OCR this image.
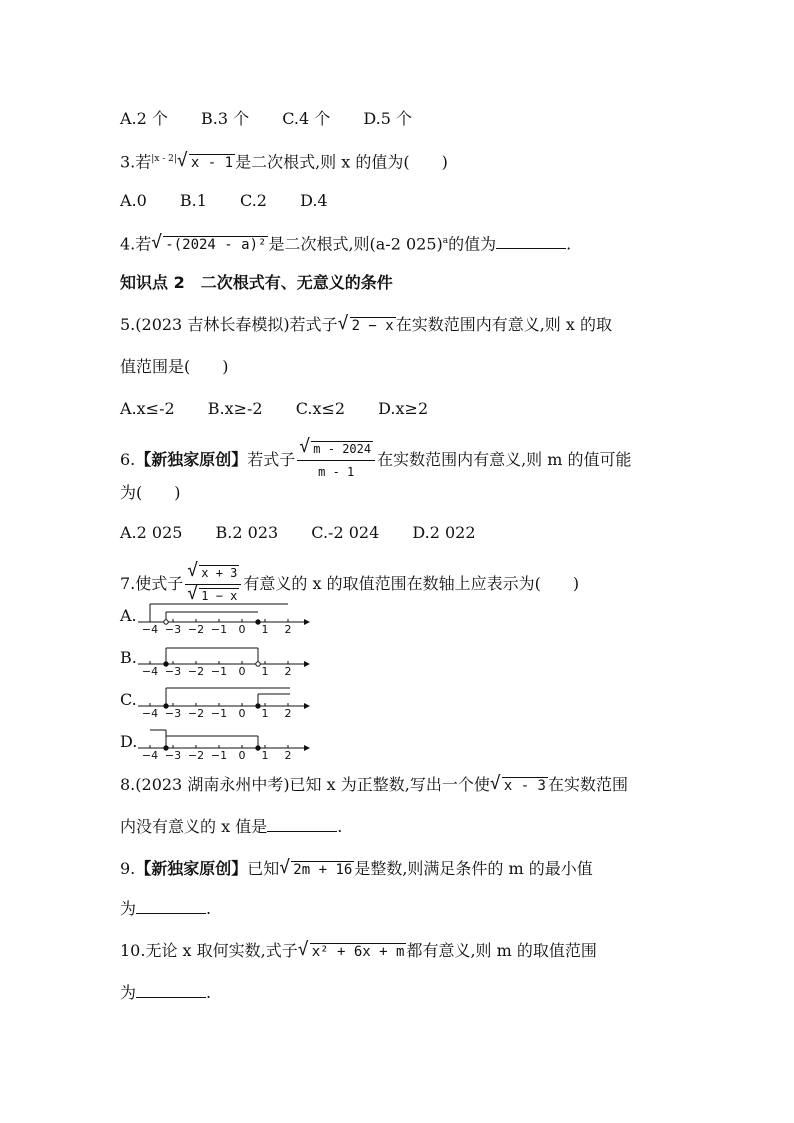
A.2 个 B.3 个 C.4 个 D.5 个
3.若$^{|x - 2|}$ √ x - 1 是二次根式,则 x 的值为(　　)
A.0 B.1 C.2 D.4
4.若 √ -(2024 - a)² 是二次根式,则(a-2 025)$^a$的值为	.
知识点 2　二次根式有、无意义的条件
5.(2023 吉林长春模拟)若式子 √ 2 − x 在实数范围内有意义,则 x 的取
值范围是(　　)
A.x≤-2 B.x≥-2 C.x≤2 D.x≥2
6.【新独家原创】若式子 √ $\frac{m - 2024}{m - 1}$ 在实数范围内有意义,则 m 的值可能
为(　　)
A.2 025 B.2 023 C.-2 024 D.2 022
7.使式子 √ x + 3
√ 1 − x 有意义的 x 的取值范围在数轴上应表示为(　　)
A.
−4 −3 −2 −1 0 1 2
B.
−4 −3 −2 −1 0 1 2
C.
−4 −3 −2 −1 0 1 2
D.
−4 −3 −2 −1 0 1 2
8.(2023 湖南永州中考)已知 x 为正整数,写出一个使 √ x - 3 在实数范围
内没有意义的 x 值是	.
9.【新独家原创】已知 √ 2m + 16 是整数,则满足条件的 m 的最小值
为	.
10.无论 x 取何实数,式子 √ x² + 6x + m 都有意义,则 m 的取值范围
为	.
